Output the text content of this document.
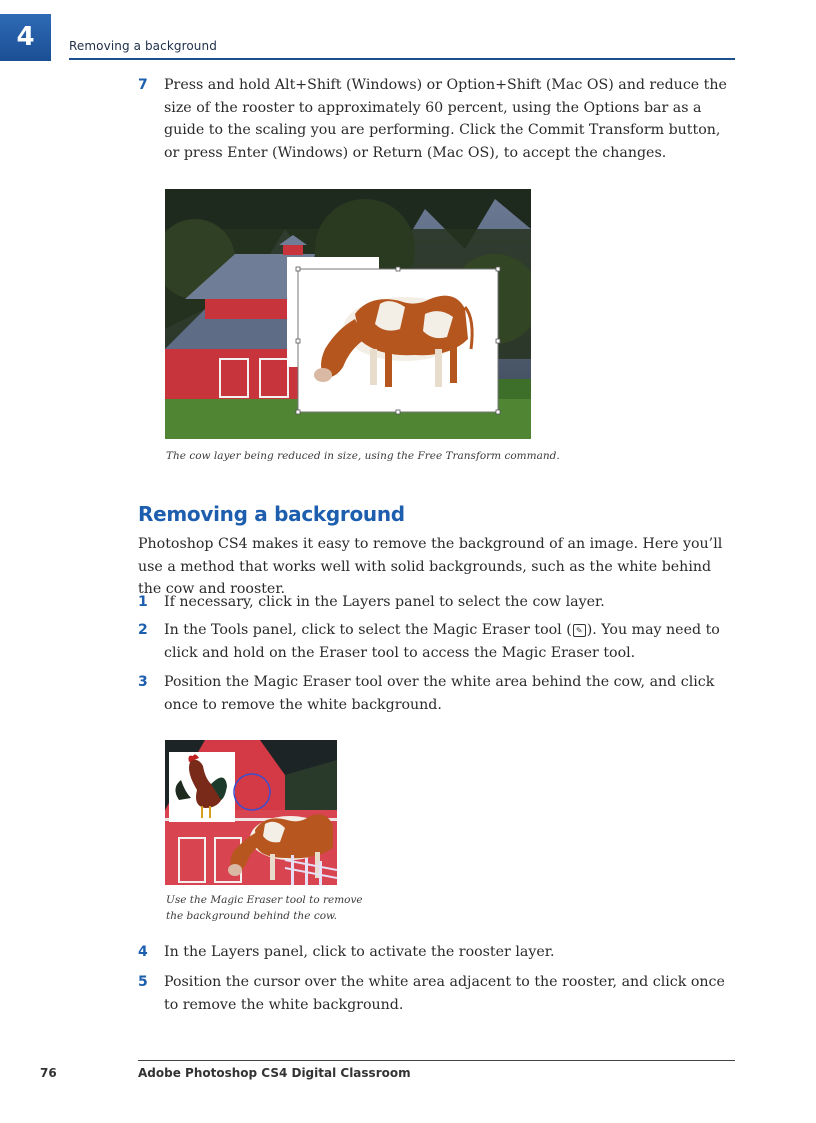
4	Removing a background
7 Press and hold Alt+Shift (Windows) or Option+Shift (Mac OS) and reduce the size of the rooster to approximately 60 percent, using the Options bar as a guide to the scaling you are performing. Click the Commit Transform button, or press Enter (Windows) or Return (Mac OS), to accept the changes.
The cow layer being reduced in size, using the Free Transform command.
Removing a background
Photoshop CS4 makes it easy to remove the background of an image. Here you’ll use a method that works well with solid backgrounds, such as the white behind the cow and rooster.
1 If necessary, click in the Layers panel to select the cow layer.
2 In the Tools panel, click to select the Magic Eraser tool ( ✎ ). You may need to click and hold on the Eraser tool to access the Magic Eraser tool.
3 Position the Magic Eraser tool over the white area behind the cow, and click once to remove the white background.
Use the Magic Eraser tool to remove
the background behind the cow.
4 In the Layers panel, click to activate the rooster layer.
5 Position the cursor over the white area adjacent to the rooster, and click once to remove the white background.
76	Adobe Photoshop CS4 Digital Classroom
